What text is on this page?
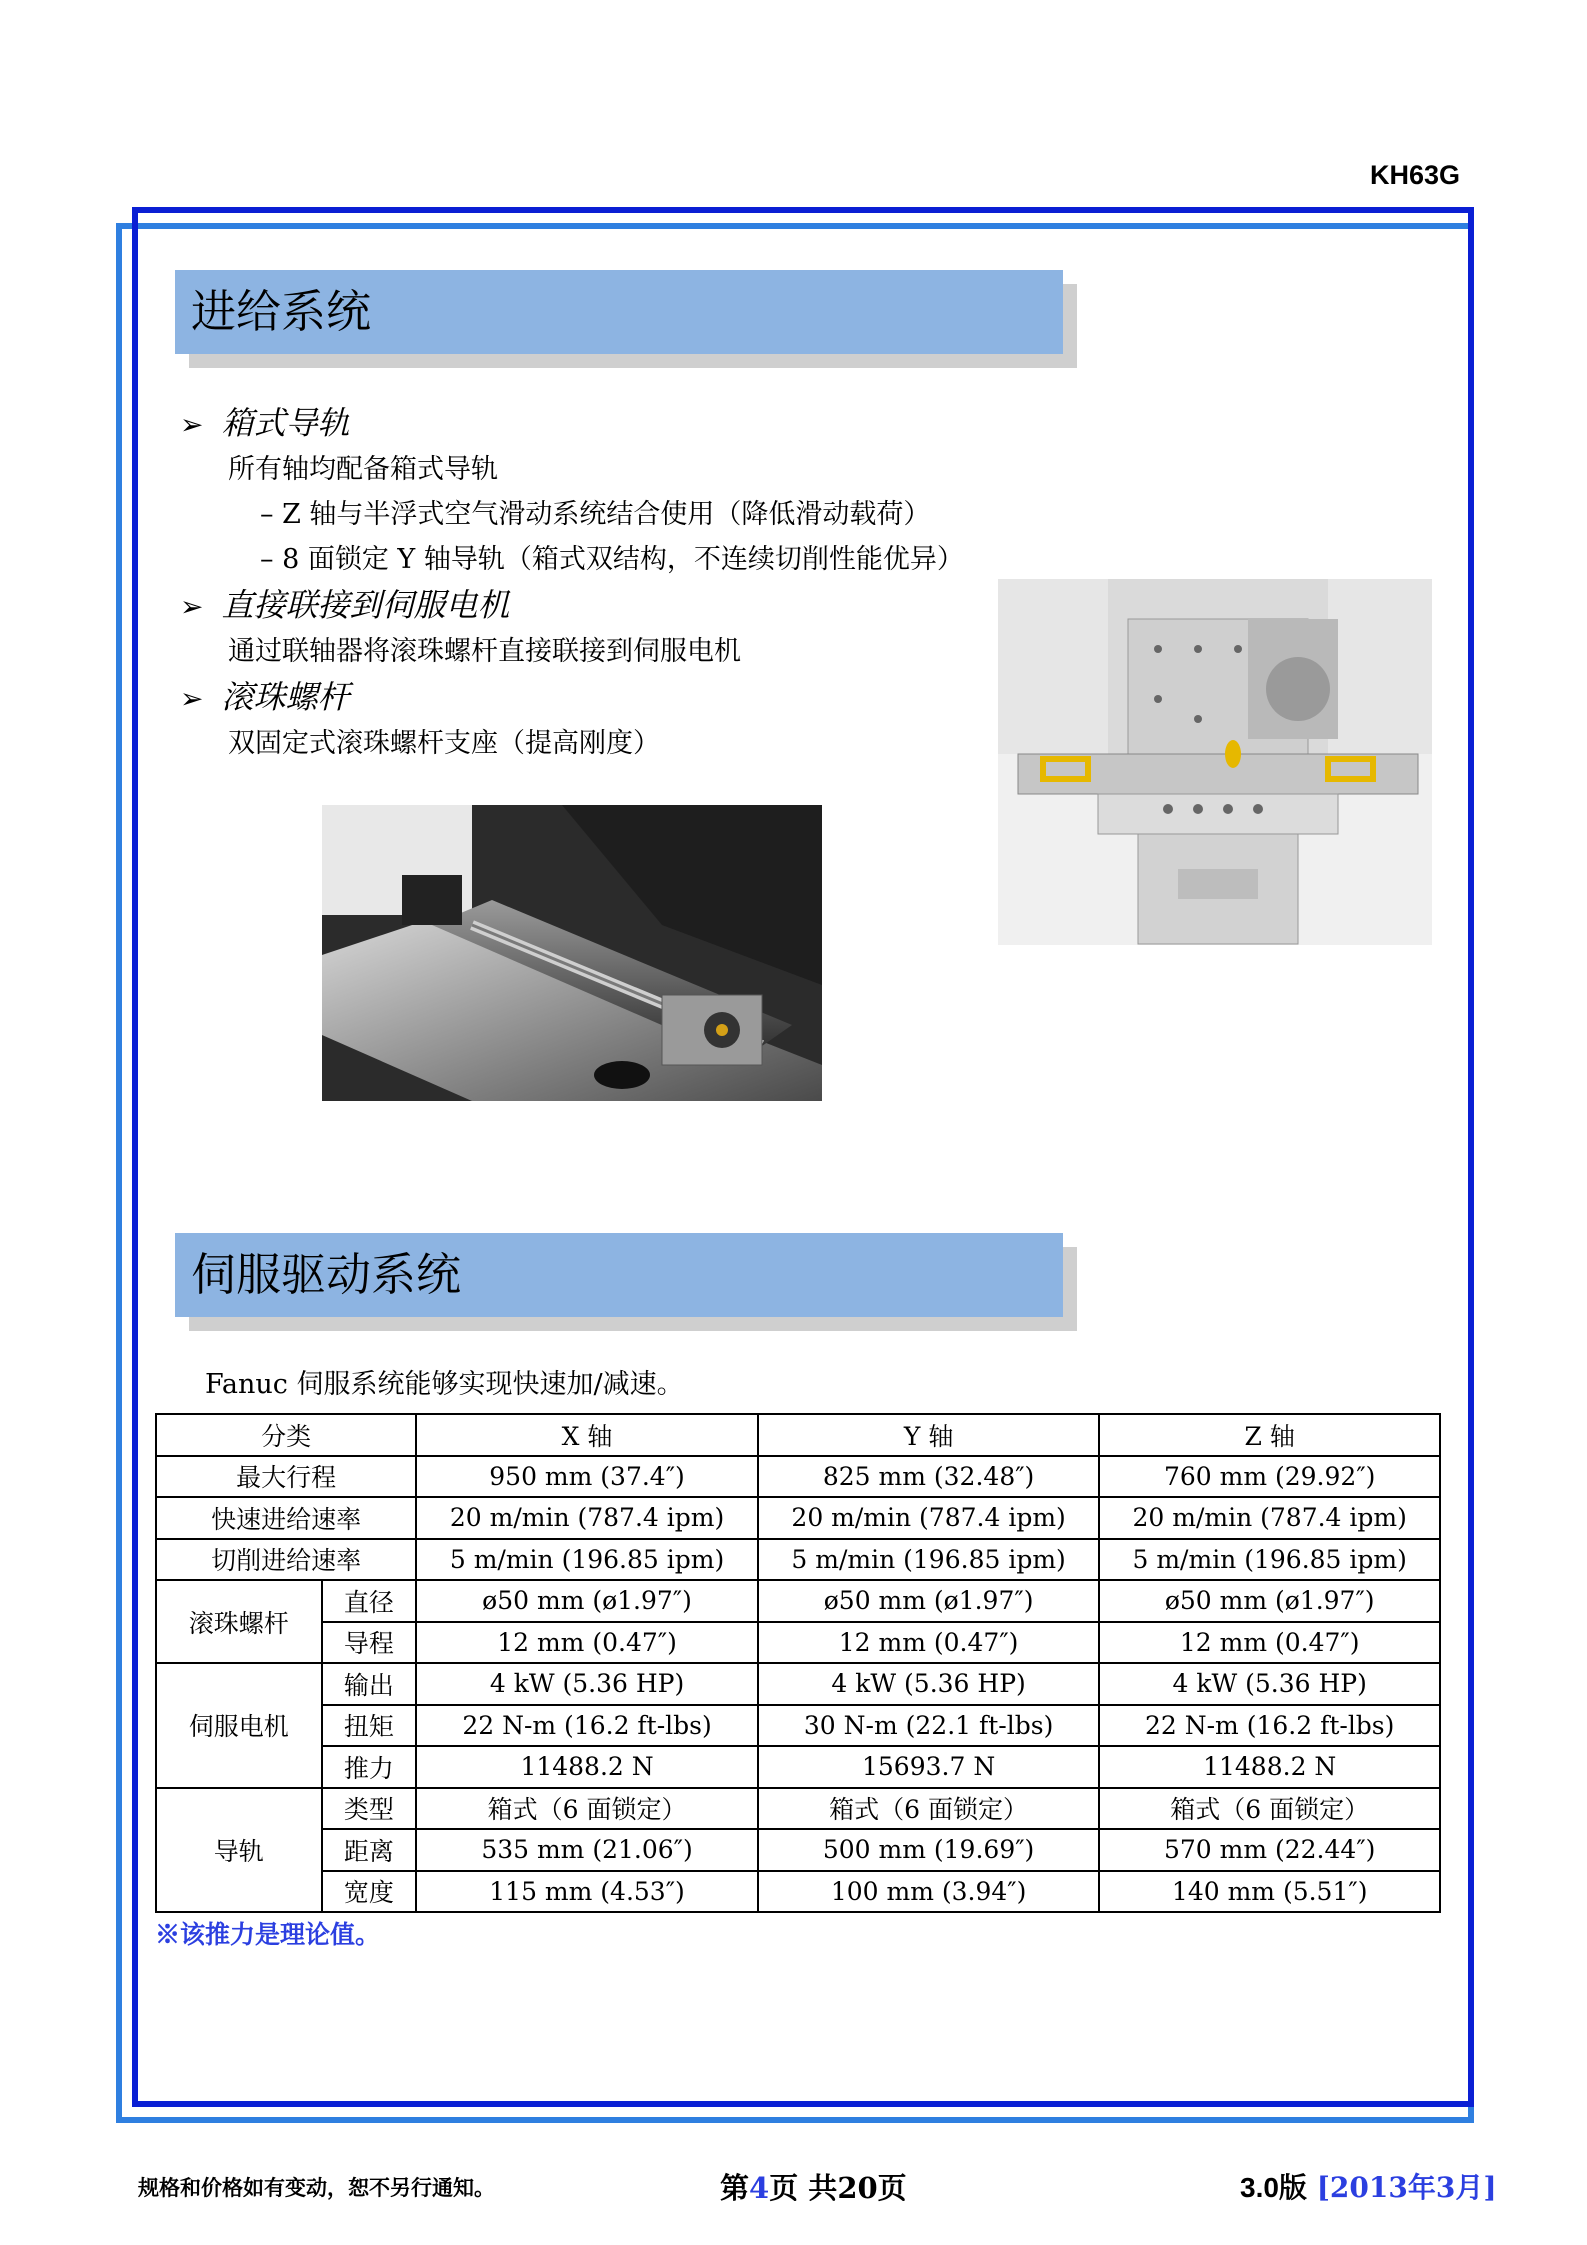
KH63G
进给系统
➢ 箱式导轨
所有轴均配备箱式导轨
– Z 轴与半浮式空气滑动系统结合使用（降低滑动载荷）
– 8 面锁定 Y 轴导轨（箱式双结构，不连续切削性能优异）
➢ 直接联接到伺服电机
通过联轴器将滚珠螺杆直接联接到伺服电机
➢ 滚珠螺杆
双固定式滚珠螺杆支座（提高刚度）
伺服驱动系统
Fanuc 伺服系统能够实现快速加/减速。
分类		X 轴	Y 轴	Z 轴
最大行程		950 mm (37.4″)	825 mm (32.48″)	760 mm (29.92″)
快速进给速率		20 m/min (787.4 ipm)	20 m/min (787.4 ipm)	20 m/min (787.4 ipm)
切削进给速率		5 m/min (196.85 ipm)	5 m/min (196.85 ipm)	5 m/min (196.85 ipm)
滚珠螺杆	直径	ø50 mm (ø1.97″)	ø50 mm (ø1.97″)	ø50 mm (ø1.97″)
	导程	12 mm (0.47″)	12 mm (0.47″)	12 mm (0.47″)
伺服电机	输出	4 kW (5.36 HP)	4 kW (5.36 HP)	4 kW (5.36 HP)
	扭矩	22 N-m (16.2 ft-lbs)	30 N-m (22.1 ft-lbs)	22 N-m (16.2 ft-lbs)
	推力	11488.2 N	15693.7 N	11488.2 N
导轨	类型	箱式（6 面锁定）	箱式（6 面锁定）	箱式（6 面锁定）
	距离	535 mm (21.06″)	500 mm (19.69″)	570 mm (22.44″)
	宽度	115 mm (4.53″)	100 mm (3.94″)	140 mm (5.51″)
※该推力是理论值。
规格和价格如有变动，恕不另行通知。	第4页 共20页	3.0版 [2013年3月]
